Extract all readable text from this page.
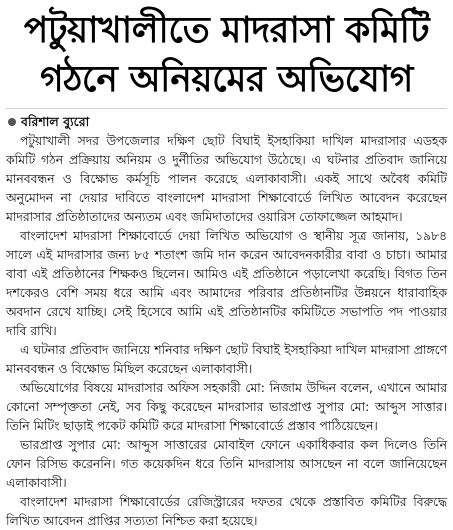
পটুয়াখালীতে মাদরাসা কমিটি
গঠনে অনিয়মের অভিযোগ
বরিশাল ব্যুরো

পটুয়াখালী সদর উপজেলার দক্ষিণ ছোট বিঘাই ইসহাকিয়া দাখিল মাদরাসার এডহক কমিটি গঠন প্রক্রিয়ায় অনিয়ম ও দুর্নীতির অভিযোগ উঠেছে। এ ঘটনার প্রতিবাদ জানিয়ে মানববন্ধন ও বিক্ষোভ কর্মসূচি পালন করেছে এলাকাবাসী। একই সাথে অবৈধ কমিটি অনুমোদন না দেয়ার দাবিতে বাংলাদেশ মাদরাসা শিক্ষাবোর্ডে লিখিত আবেদন করেছেন মাদরাসার প্রতিষ্ঠাতাদের অন্যতম এবং জমিদাতাদের ওয়ারিস তোফাজ্জেল আহমাদ।

বাংলাদেশ মাদরাসা শিক্ষাবোর্ডে দেয়া লিখিত অভিযোগ ও স্থানীয় সূত্র জানায়, ১৯৮৪ সালে এই মাদরাসার জন্য ৮৫ শতাংশ জমি দান করেন আবেদনকারীর বাবা ও চাচা। আমার বাবা এই প্রতিষ্ঠানের শিক্ষকও ছিলেন। আমিও এই প্রতিষ্ঠানে পড়ালেখা করেছি। বিগত তিন দশকেরও বেশি সময় ধরে আমি এবং আমাদের পরিবার প্রতিষ্ঠানটির উন্নয়নে ধারাবাহিক অবদান রেখে যাচ্ছি। সেই হিসেবে আমি এই প্রতিষ্ঠানটির কমিটিতে সভাপতি পদ পাওয়ার দাবি রাখি।

এ ঘটনার প্রতিবাদ জানিয়ে শনিবার দক্ষিণ ছোট বিঘাই ইসহাকিয়া দাখিল মাদরাসা প্রাঙ্গণে মানববন্ধন ও বিক্ষোভ মিছিল করেছেন এলাকাবাসী।

অভিযোগের বিষয়ে মাদরাসার অফিস সহকারী মো: নিজাম উদ্দিন বলেন, এখানে আমার কোনো সম্পৃক্ততা নেই, সব কিছু করেছেন মাদরাসার ভারপ্রাপ্ত সুপার মো: আব্দুস সাত্তার। তিনি মিটিং ছাড়াই পকেট কমিটি করে মাদরাসা শিক্ষাবোর্ডে প্রস্তাব পাঠিয়েছেন।

ভারপ্রাপ্ত সুপার মো: আব্দুস সাত্তারের মোবাইল ফোনে একাধিকবার কল দিলেও তিনি ফোন রিসিভ করেননি। গত কয়েকদিন ধরে তিনি মাদরাসায় আসছেন না বলে জানিয়েছেন এলাকাবাসী।

বাংলাদেশ মাদরাসা শিক্ষাবোর্ডের রেজিস্ট্রারের দফতর থেকে প্রস্তাবিত কমিটির বিরুদ্ধে লিখিত আবেদন প্রাপ্তির সত্যতা নিশ্চিত করা হয়েছে।
